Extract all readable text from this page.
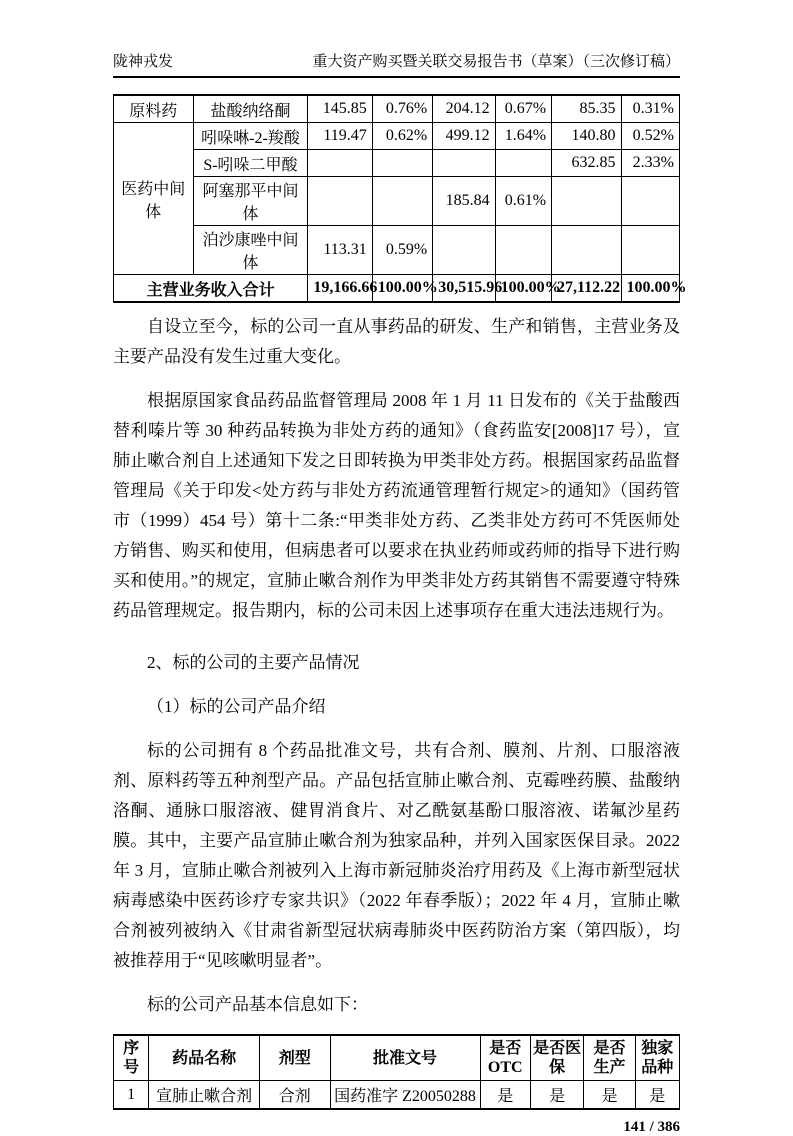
陇神戎发	重大资产购买暨关联交易报告书（草案）（三次修订稿）
原料药	盐酸纳络酮	145.85	0.76%	204.12	0.67%	85.35	0.31%
医药中间体	吲哚啉-2-羧酸	119.47	0.62%	499.12	1.64%	140.80	0.52%
	S-吲哚二甲酸					632.85	2.33%
	阿塞那平中间体			185.84	0.61%		
	泊沙康唑中间体	113.31	0.59%				
主营业务收入合计		19,166.66	100.00%	30,515.96	100.00%	27,112.22	100.00%

自设立至今，标的公司一直从事药品的研发、生产和销售，主营业务及主要产品没有发生过重大变化。

根据原国家食品药品监督管理局 2008 年 1 月 11 日发布的《关于盐酸西替利嗪片等 30 种药品转换为非处方药的通知》（食药监安[2008]17 号），宣肺止嗽合剂自上述通知下发之日即转换为甲类非处方药。根据国家药品监督管理局《关于印发<处方药与非处方药流通管理暂行规定>的通知》（国药管市（1999）454 号）第十二条:“甲类非处方药、乙类非处方药可不凭医师处方销售、购买和使用，但病患者可以要求在执业药师或药师的指导下进行购买和使用。”的规定，宣肺止嗽合剂作为甲类非处方药其销售不需要遵守特殊药品管理规定。报告期内，标的公司未因上述事项存在重大违法违规行为。

2、标的公司的主要产品情况

（1）标的公司产品介绍

标的公司拥有 8 个药品批准文号，共有合剂、膜剂、片剂、口服溶液剂、原料药等五种剂型产品。产品包括宣肺止嗽合剂、克霉唑药膜、盐酸纳洛酮、通脉口服溶液、健胃消食片、对乙酰氨基酚口服溶液、诺氟沙星药膜。其中，主要产品宣肺止嗽合剂为独家品种，并列入国家医保目录。2022 年 3 月，宣肺止嗽合剂被列入上海市新冠肺炎治疗用药及《上海市新型冠状病毒感染中医药诊疗专家共识》（2022 年春季版）；2022 年 4 月，宣肺止嗽合剂被列被纳入《甘肃省新型冠状病毒肺炎中医药防治方案（第四版），均被推荐用于“见咳嗽明显者”。

标的公司产品基本信息如下：

序号	药品名称	剂型	批准文号	是否OTC	是否医保	是否生产	独家品种
1	宣肺止嗽合剂	合剂	国药准字 Z20050288	是	是	是	是
141 / 386
